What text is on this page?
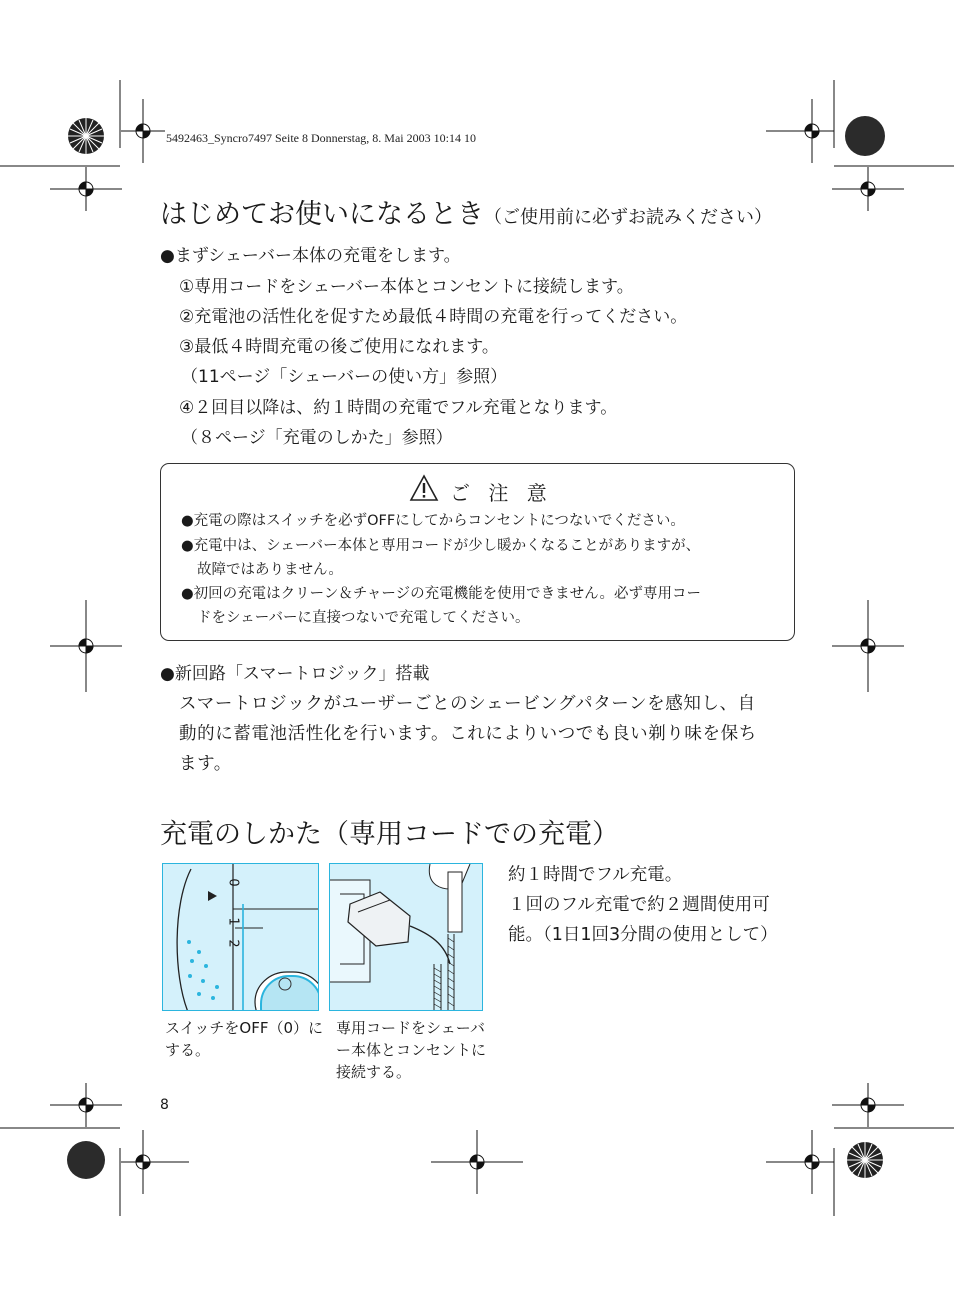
5492463_Syncro7497 Seite 8 Donnerstag, 8. Mai 2003 10:14 10
はじめてお使いになるとき（ご使用前に必ずお読みください）
●まずシェーバー本体の充電をします。
①専用コードをシェーバー本体とコンセントに接続します。
②充電池の活性化を促すため最低４時間の充電を行ってください。
③最低４時間充電の後ご使用になれます。
（11ページ「シェーバーの使い方」参照）
④２回目以降は、約１時間の充電でフル充電となります。
（８ページ「充電のしかた」参照）
ご 注 意
●充電の際はスイッチを必ずOFFにしてからコンセントにつないでください。
●充電中は、シェーバー本体と専用コードが少し暖かくなることがありますが、
故障ではありません。
●初回の充電はクリーン＆チャージの充電機能を使用できません。必ず専用コー
ドをシェーバーに直接つないで充電してください。
●新回路「スマートロジック」搭載
スマートロジックがユーザーごとのシェービングパターンを感知し、自
動的に蓄電池活性化を行います。これによりいつでも良い剃り味を保ち
ます。
充電のしかた（専用コードでの充電）
0
1
2
スイッチをOFF（0）にする。
専用コードをシェーバー本体とコンセントに接続する。
約１時間でフル充電。
１回のフル充電で約２週間使用可
能。（1日1回3分間の使用として）
8
